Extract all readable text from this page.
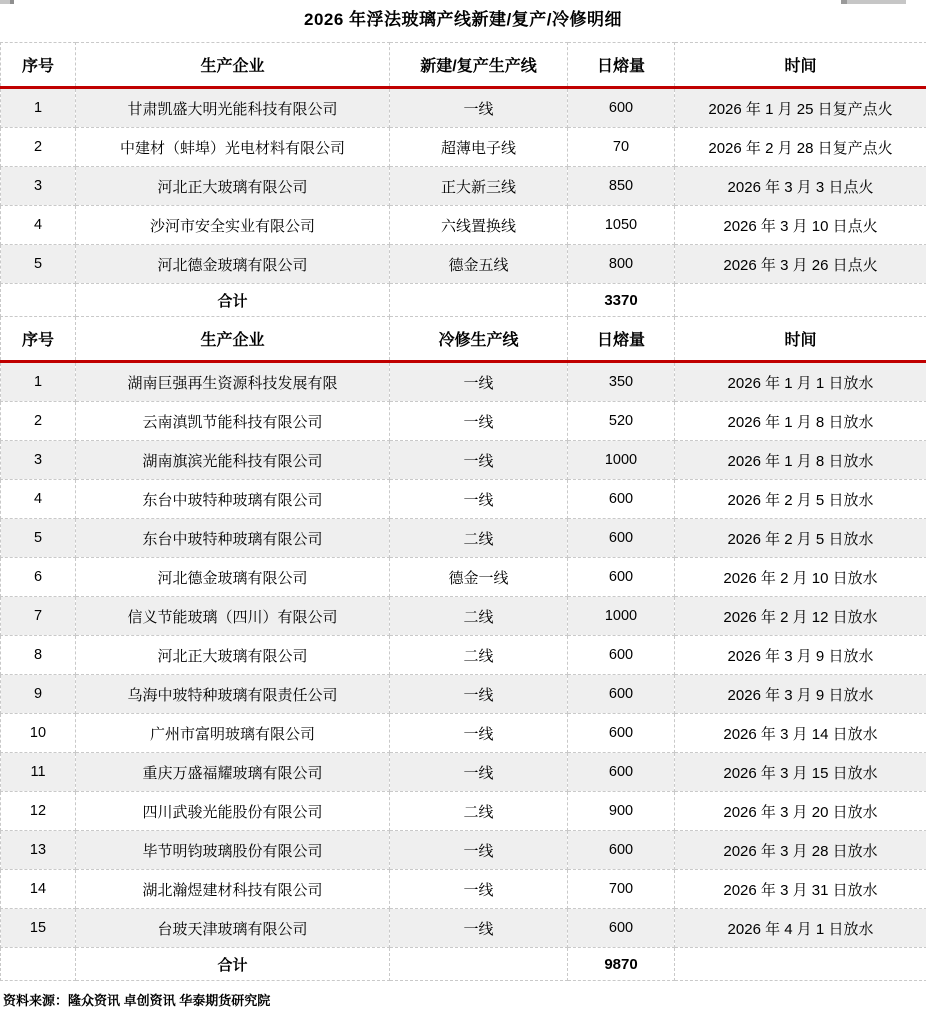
2026 年浮法玻璃产线新建/复产/冷修明细
序号	生产企业	新建/复产生产线	日熔量	时间
1	甘肃凯盛大明光能科技有限公司	一线	600	2026 年 1 月 25 日复产点火
2	中建材（蚌埠）光电材料有限公司	超薄电子线	70	2026 年 2 月 28 日复产点火
3	河北正大玻璃有限公司	正大新三线	850	2026 年 3 月 3 日点火
4	沙河市安全实业有限公司	六线置换线	1050	2026 年 3 月 10 日点火
5	河北德金玻璃有限公司	德金五线	800	2026 年 3 月 26 日点火
	合计		3370	
序号	生产企业	冷修生产线	日熔量	时间
1	湖南巨强再生资源科技发展有限	一线	350	2026 年 1 月 1 日放水
2	云南滇凯节能科技有限公司	一线	520	2026 年 1 月 8 日放水
3	湖南旗滨光能科技有限公司	一线	1000	2026 年 1 月 8 日放水
4	东台中玻特种玻璃有限公司	一线	600	2026 年 2 月 5 日放水
5	东台中玻特种玻璃有限公司	二线	600	2026 年 2 月 5 日放水
6	河北德金玻璃有限公司	德金一线	600	2026 年 2 月 10 日放水
7	信义节能玻璃（四川）有限公司	二线	1000	2026 年 2 月 12 日放水
8	河北正大玻璃有限公司	二线	600	2026 年 3 月 9 日放水
9	乌海中玻特种玻璃有限责任公司	一线	600	2026 年 3 月 9 日放水
10	广州市富明玻璃有限公司	一线	600	2026 年 3 月 14 日放水
11	重庆万盛福耀玻璃有限公司	一线	600	2026 年 3 月 15 日放水
12	四川武骏光能股份有限公司	二线	900	2026 年 3 月 20 日放水
13	毕节明钧玻璃股份有限公司	一线	600	2026 年 3 月 28 日放水
14	湖北瀚煜建材科技有限公司	一线	700	2026 年 3 月 31 日放水
15	台玻天津玻璃有限公司	一线	600	2026 年 4 月 1 日放水
	合计		9870	
资料来源：隆众资讯 卓创资讯 华泰期货研究院
